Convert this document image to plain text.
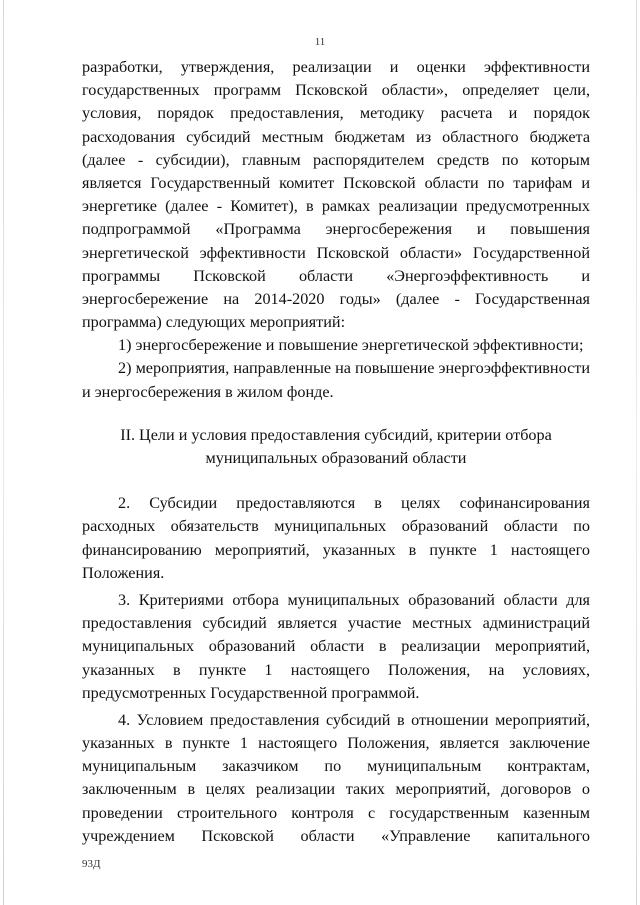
11
разработки, утверждения, реализации и оценки эффективности
государственных программ Псковской области», определяет цели,
условия, порядок предоставления, методику расчета и порядок
расходования субсидий местным бюджетам из областного бюджета
(далее - субсидии), главным распорядителем средств по которым
является Государственный комитет Псковской области по тарифам и
энергетике (далее - Комитет), в рамках реализации предусмотренных
подпрограммой «Программа энергосбережения и повышения
энергетической эффективности Псковской области» Государственной
программы Псковской области «Энергоэффективность и
энергосбережение на 2014-2020 годы» (далее - Государственная
программа) следующих мероприятий:
1) энергосбережение и повышение энергетической эффективности;
2) мероприятия, направленные на повышение энергоэффективности
и энергосбережения в жилом фонде.
II. Цели и условия предоставления субсидий, критерии отбора
муниципальных образований области
2. Субсидии предоставляются в целях софинансирования
расходных обязательств муниципальных образований области по
финансированию мероприятий, указанных в пункте 1 настоящего
Положения.
3. Критериями отбора муниципальных образований области для
предоставления субсидий является участие местных администраций
муниципальных образований области в реализации мероприятий,
указанных в пункте 1 настоящего Положения, на условиях,
предусмотренных Государственной программой.
4. Условием предоставления субсидий в отношении мероприятий,
указанных в пункте 1 настоящего Положения, является заключение
муниципальным заказчиком по муниципальным контрактам,
заключенным в целях реализации таких мероприятий, договоров о
проведении строительного контроля с государственным казенным
учреждением Псковской области «Управление капитального
93Д
